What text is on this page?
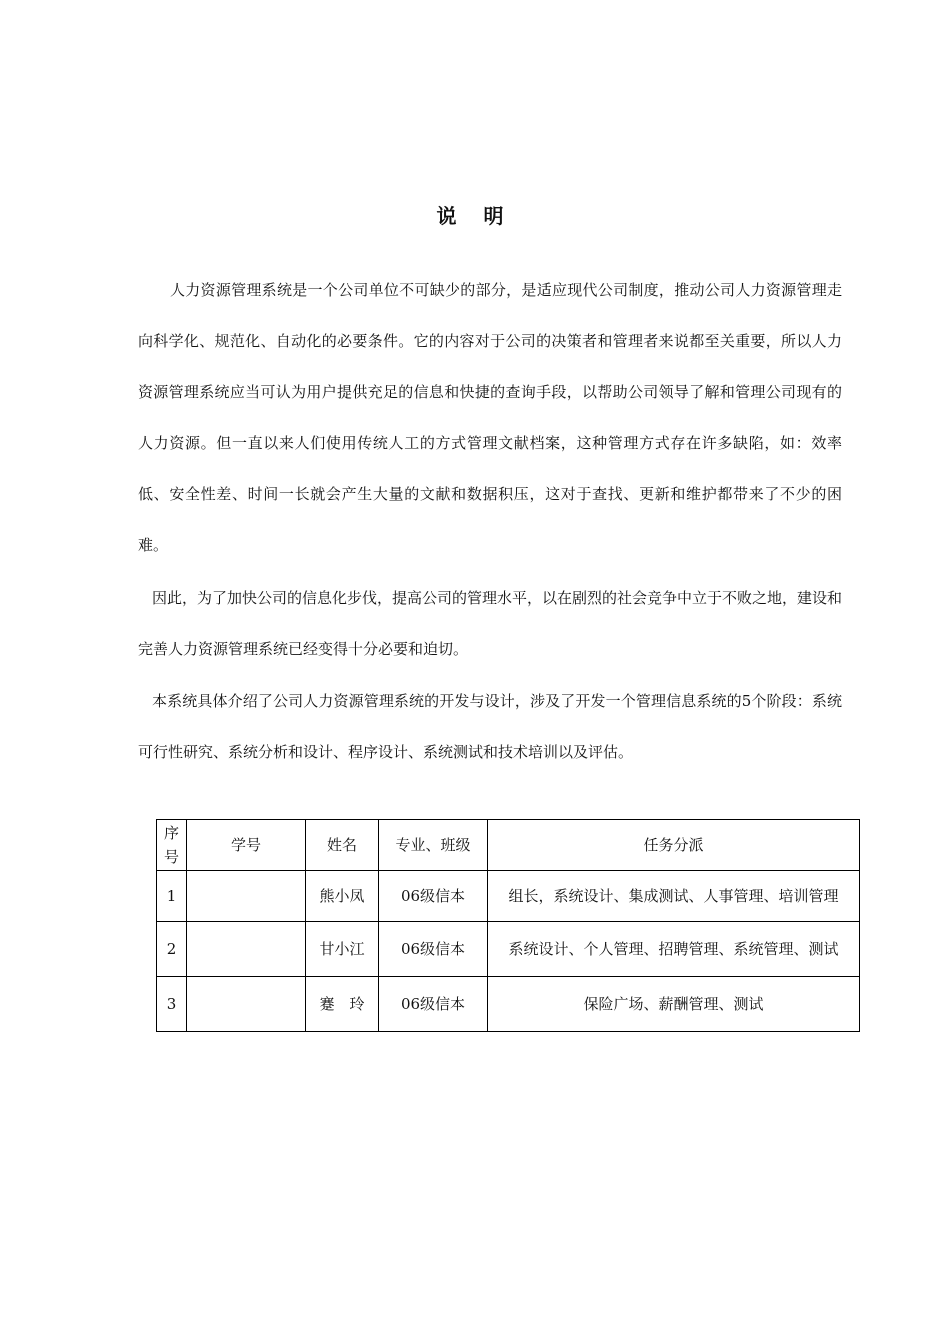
说 明

人力资源管理系统是一个公司单位不可缺少的部分，是适应现代公司制度，推动公司人力资源管理走向科学化、规范化、自动化的必要条件。它的内容对于公司的决策者和管理者来说都至关重要，所以人力资源管理系统应当可认为用户提供充足的信息和快捷的查询手段，以帮助公司领导了解和管理公司现有的人力资源。但一直以来人们使用传统人工的方式管理文献档案，这种管理方式存在许多缺陷，如：效率低、安全性差、时间一长就会产生大量的文献和数据积压，这对于查找、更新和维护都带来了不少的困难。

因此，为了加快公司的信息化步伐，提高公司的管理水平，以在剧烈的社会竞争中立于不败之地，建设和完善人力资源管理系统已经变得十分必要和迫切。

本系统具体介绍了公司人力资源管理系统的开发与设计，涉及了开发一个管理信息系统的5个阶段：系统可行性研究、系统分析和设计、程序设计、系统测试和技术培训以及评估。

序号	学号	姓名	专业、班级	任务分派
1		熊小凤	06级信本	组长，系统设计、集成测试、人事管理、培训管理
2		甘小江	06级信本	系统设计、个人管理、招聘管理、系统管理、测试
3		蹇　玲	06级信本	保险广场、薪酬管理、测试
